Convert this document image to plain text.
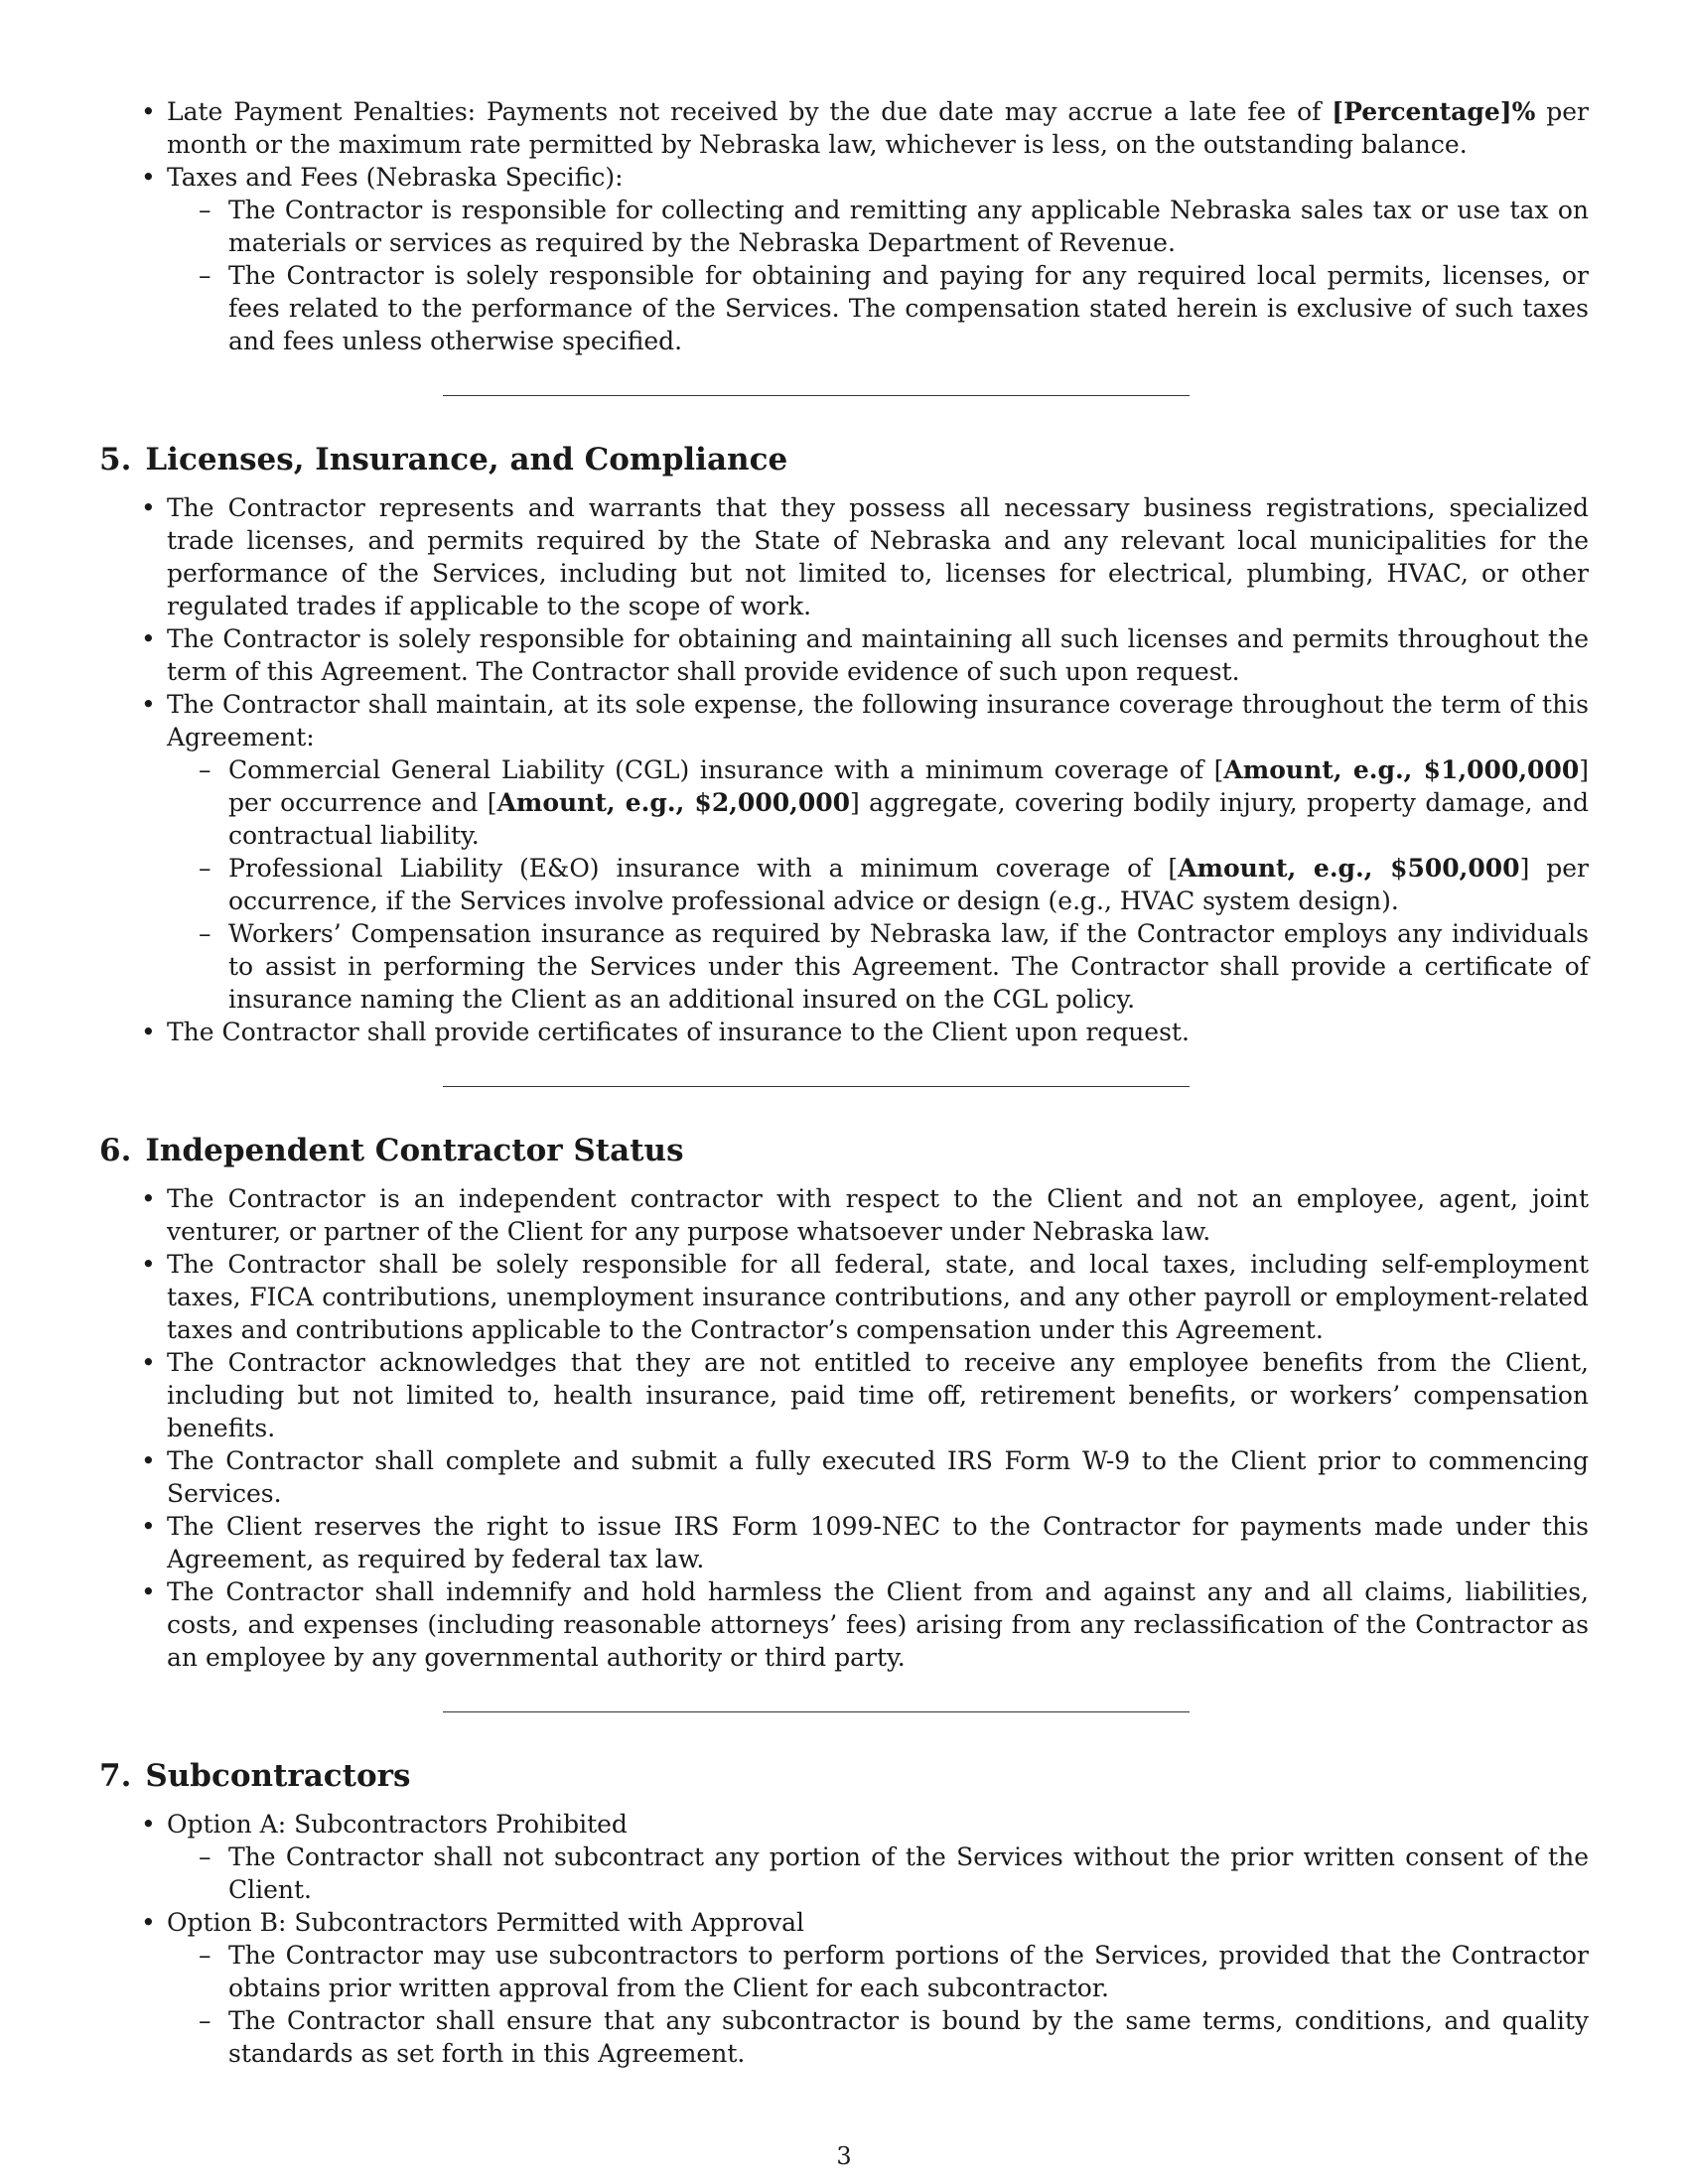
• Late Payment Penalties: Payments not received by the due date may accrue a late fee of [Percentage]% per month or the maximum rate permitted by Nebraska law, whichever is less, on the outstanding balance.
• Taxes and Fees (Nebraska Specific):
– The Contractor is responsible for collecting and remitting any applicable Nebraska sales tax or use tax on materials or services as required by the Nebraska Department of Revenue.
– The Contractor is solely responsible for obtaining and paying for any required local permits, licenses, or fees related to the performance of the Services. The compensation stated herein is exclusive of such taxes and fees unless otherwise specified.
5. Licenses, Insurance, and Compliance
• The Contractor represents and warrants that they possess all necessary business registrations, specialized trade licenses, and permits required by the State of Nebraska and any relevant local municipalities for the performance of the Services, including but not limited to, licenses for electrical, plumbing, HVAC, or other regulated trades if applicable to the scope of work.
• The Contractor is solely responsible for obtaining and maintaining all such licenses and permits throughout the term of this Agreement. The Contractor shall provide evidence of such upon request.
• The Contractor shall maintain, at its sole expense, the following insurance coverage throughout the term of this Agreement:
– Commercial General Liability (CGL) insurance with a minimum coverage of [Amount, e.g., $1,000,000] per occurrence and [Amount, e.g., $2,000,000] aggregate, covering bodily injury, property damage, and contractual liability.
– Professional Liability (E&O) insurance with a minimum coverage of [Amount, e.g., $500,000] per occurrence, if the Services involve professional advice or design (e.g., HVAC system design).
– Workers’ Compensation insurance as required by Nebraska law, if the Contractor employs any individuals to assist in performing the Services under this Agreement. The Contractor shall provide a certificate of insurance naming the Client as an additional insured on the CGL policy.
• The Contractor shall provide certificates of insurance to the Client upon request.
6. Independent Contractor Status
• The Contractor is an independent contractor with respect to the Client and not an employee, agent, joint venturer, or partner of the Client for any purpose whatsoever under Nebraska law.
• The Contractor shall be solely responsible for all federal, state, and local taxes, including self-employment taxes, FICA contributions, unemployment insurance contributions, and any other payroll or employment-related taxes and contributions applicable to the Contractor’s compensation under this Agreement.
• The Contractor acknowledges that they are not entitled to receive any employee benefits from the Client, including but not limited to, health insurance, paid time off, retirement benefits, or workers’ compensation benefits.
• The Contractor shall complete and submit a fully executed IRS Form W-9 to the Client prior to commencing Services.
• The Client reserves the right to issue IRS Form 1099-NEC to the Contractor for payments made under this Agreement, as required by federal tax law.
• The Contractor shall indemnify and hold harmless the Client from and against any and all claims, liabilities, costs, and expenses (including reasonable attorneys’ fees) arising from any reclassification of the Contractor as an employee by any governmental authority or third party.
7. Subcontractors
• Option A: Subcontractors Prohibited
– The Contractor shall not subcontract any portion of the Services without the prior written consent of the Client.
• Option B: Subcontractors Permitted with Approval
– The Contractor may use subcontractors to perform portions of the Services, provided that the Contractor obtains prior written approval from the Client for each subcontractor.
– The Contractor shall ensure that any subcontractor is bound by the same terms, conditions, and quality standards as set forth in this Agreement.
3
